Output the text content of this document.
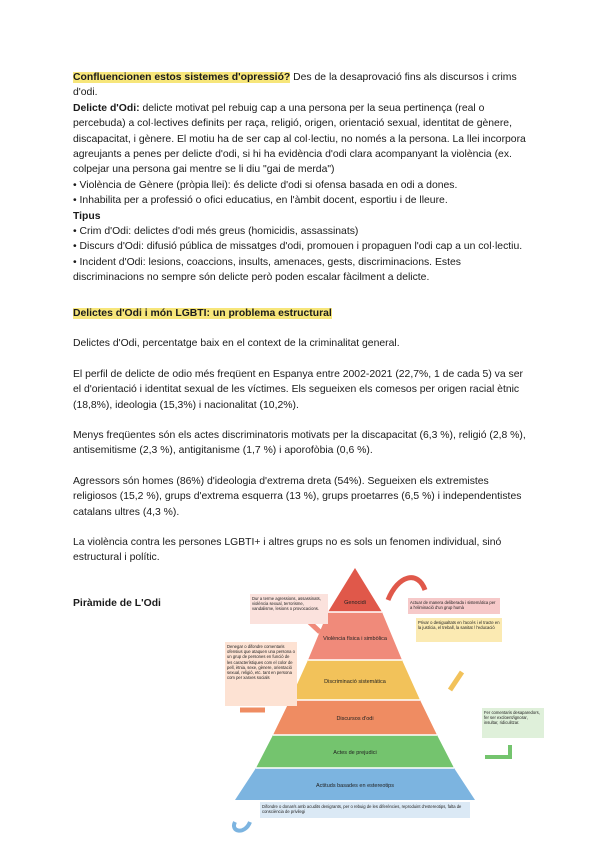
Confluencionen estos sistemes d'opressió? Des de la desaprovació fins als discursos i crims d'odi.

Delicte d'Odi: delicte motivat pel rebuig cap a una persona per la seua pertinença (real o percebuda) a col·lectives definits per raça, religió, origen, orientació sexual, identitat de gènere, discapacitat, i gènere. El motiu ha de ser cap al col·lectiu, no només a la persona. La llei incorpora agreujants a penes per delicte d'odi, si hi ha evidència d'odi clara acompanyant la violència (ex. colpejar una persona gai mentre se li diu "gai de merda")

• Violència de Gènere (pròpia llei): és delicte d'odi si ofensa basada en odi a dones.

• Inhabilita per a professió o ofici educatius, en l'àmbit docent, esportiu i de lleure.

Tipus

• Crim d'Odi: delictes d'odi més greus (homicidis, assassinats)

• Discurs d'Odi: difusió pública de missatges d'odi, promouen i propaguen l'odi cap a un col·lectiu.

• Incident d'Odi: lesions, coaccions, insults, amenaces, gests, discriminacions. Estes discriminacions no sempre són delicte però poden escalar fàcilment a delicte.

Delictes d'Odi i món LGBTI: un problema estructural

Delictes d'Odi, percentatge baix en el context de la criminalitat general.

El perfil de delicte de odio més freqüent en Espanya entre 2002-2021 (22,7%, 1 de cada 5) va ser el d'orientació i identitat sexual de les víctimes. Els segueixen els comesos per origen racial ètnic (18,8%), ideologia (15,3%) i nacionalitat (10,2%).

Menys freqüentes són els actes discriminatoris motivats per la discapacitat (6,3 %), religió (2,8 %), antisemitisme (2,3 %), antigitanisme (1,7 %) i aporofòbia (0,6 %).

Agressors són homes (86%) d'ideologia d'extrema dreta (54%). Segueixen els extremistes religiosos (15,2 %), grups d'extrema esquerra (13 %), grups proetarres (6,5 %) i independentistes catalans ultres (4,3 %).

La violència contra les persones LGBTI+ i altres grups no es sols un fenomen individual, sinó estructural i polític.

Piràmide de L'Odi	Genocidi
Violència física i simbòlica
Discriminació sistemàtica
Discursos d'odi
Actes de prejudici
Actituds basades en estereotips
Actuar de manera deliberada i sistemàtica per a l'eliminació d'un grup humà
Dur a terme agressions, assassinats, violència sexual, terrorisme, vandalisme, lesions o provocacions.
Denegar o difondre comentaris ofensius que ataquen una persona o un grup de persones en funció de les característiques com el color de pell, ètnia, sexe, gènere, orientació sexual, religió, etc. tant en persona com per xarxes socials
Privar o desigualtats en l'accés i el tracte en la justícia, el treball, la sanitat / l'educació
Fer comentaris desaparedors, fer ser excloent/ignorar, insultar, ridiculitzar.
Difondre o donar/s amb acudits denigrants, per o rebuig de les diferències, reproduint d'estereotips, falta de consciència de privilegi
